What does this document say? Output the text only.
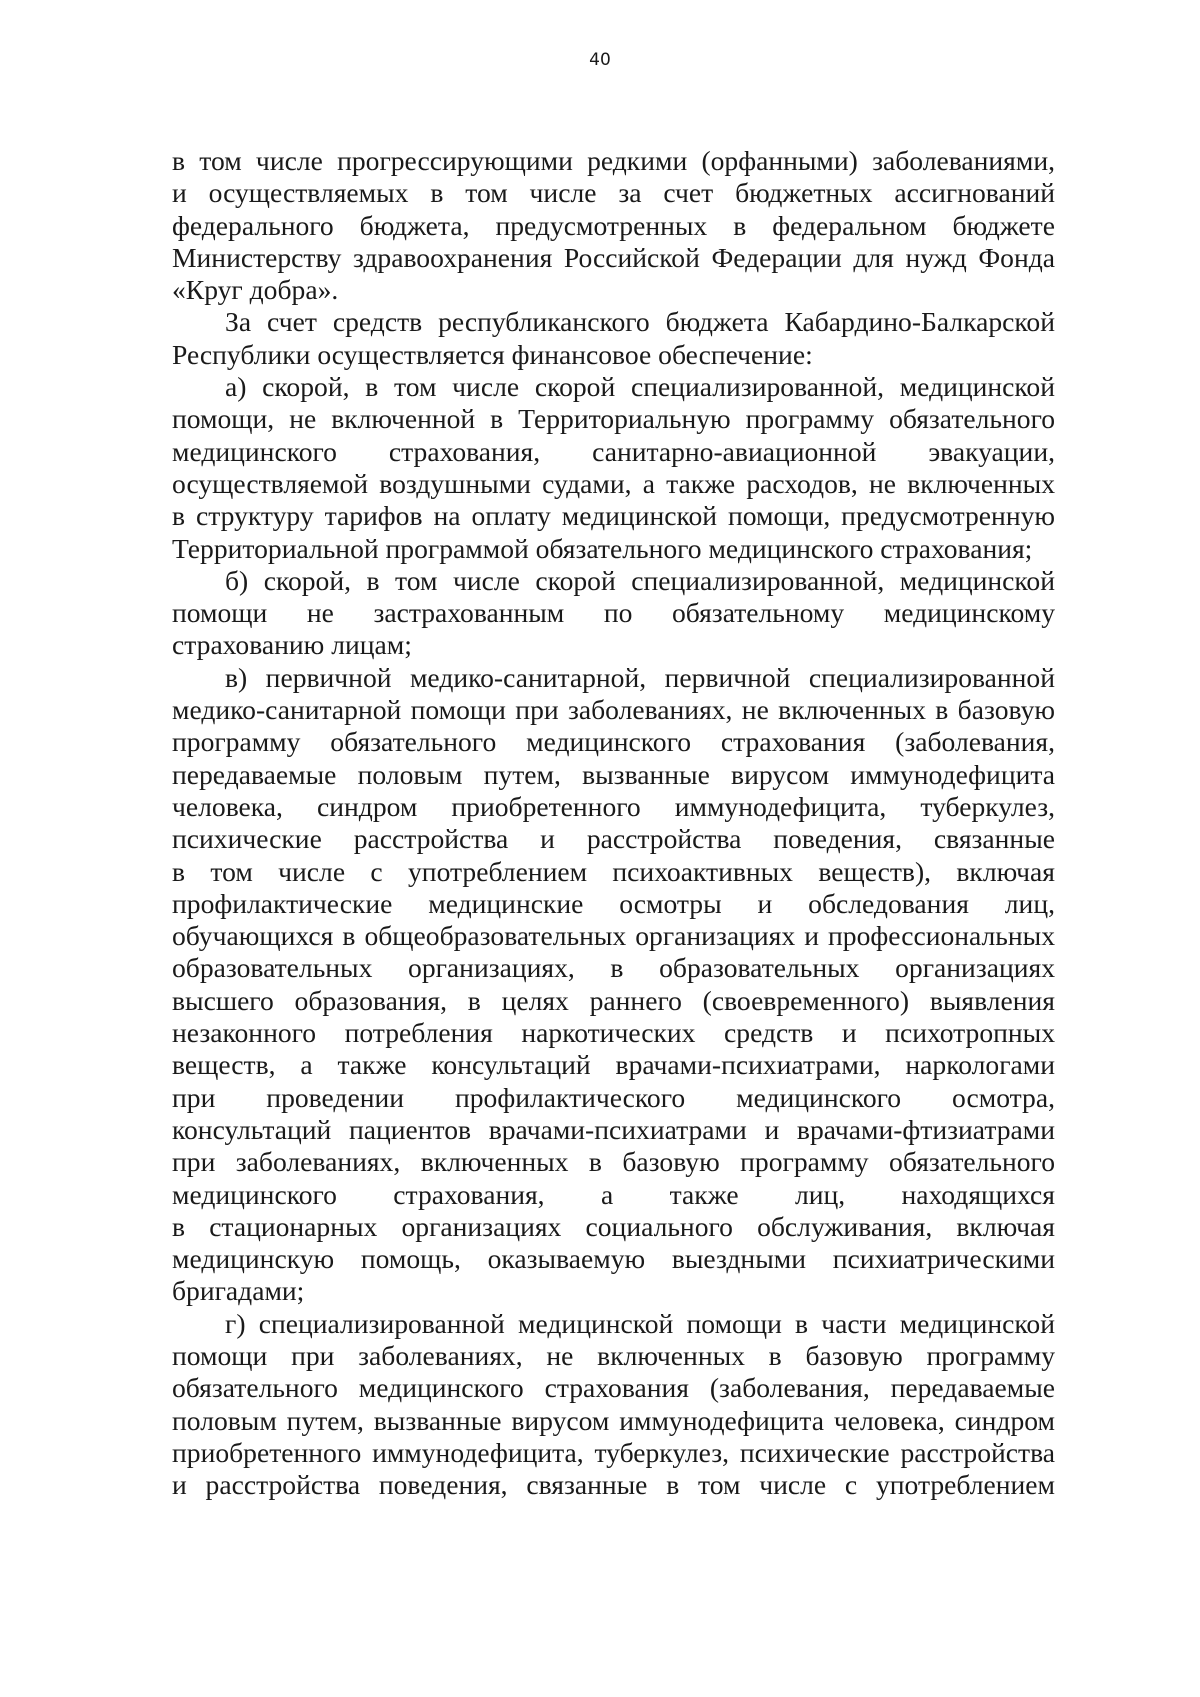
40
в том числе прогрессирующими редкими (орфанными) заболеваниями,
и осуществляемых в том числе за счет бюджетных ассигнований
федерального бюджета, предусмотренных в федеральном бюджете
Министерству здравоохранения Российской Федерации для нужд Фонда
«Круг добра».
За счет средств республиканского бюджета Кабардино-Балкарской
Республики осуществляется финансовое обеспечение:
а) скорой, в том числе скорой специализированной, медицинской
помощи, не включенной в Территориальную программу обязательного
медицинского страхования, санитарно-авиационной эвакуации,
осуществляемой воздушными судами, а также расходов, не включенных
в структуру тарифов на оплату медицинской помощи, предусмотренную
Территориальной программой обязательного медицинского страхования;
б) скорой, в том числе скорой специализированной, медицинской
помощи не застрахованным по обязательному медицинскому
страхованию лицам;
в) первичной медико-санитарной, первичной специализированной
медико-санитарной помощи при заболеваниях, не включенных в базовую
программу обязательного медицинского страхования (заболевания,
передаваемые половым путем, вызванные вирусом иммунодефицита
человека, синдром приобретенного иммунодефицита, туберкулез,
психические расстройства и расстройства поведения, связанные
в том числе с употреблением психоактивных веществ), включая
профилактические медицинские осмотры и обследования лиц,
обучающихся в общеобразовательных организациях и профессиональных
образовательных организациях, в образовательных организациях
высшего образования, в целях раннего (своевременного) выявления
незаконного потребления наркотических средств и психотропных
веществ, а также консультаций врачами-психиатрами, наркологами
при проведении профилактического медицинского осмотра,
консультаций пациентов врачами-психиатрами и врачами-фтизиатрами
при заболеваниях, включенных в базовую программу обязательного
медицинского страхования, а также лиц, находящихся
в стационарных организациях социального обслуживания, включая
медицинскую помощь, оказываемую выездными психиатрическими
бригадами;
г) специализированной медицинской помощи в части медицинской
помощи при заболеваниях, не включенных в базовую программу
обязательного медицинского страхования (заболевания, передаваемые
половым путем, вызванные вирусом иммунодефицита человека, синдром
приобретенного иммунодефицита, туберкулез, психические расстройства
и расстройства поведения, связанные в том числе с употреблением
